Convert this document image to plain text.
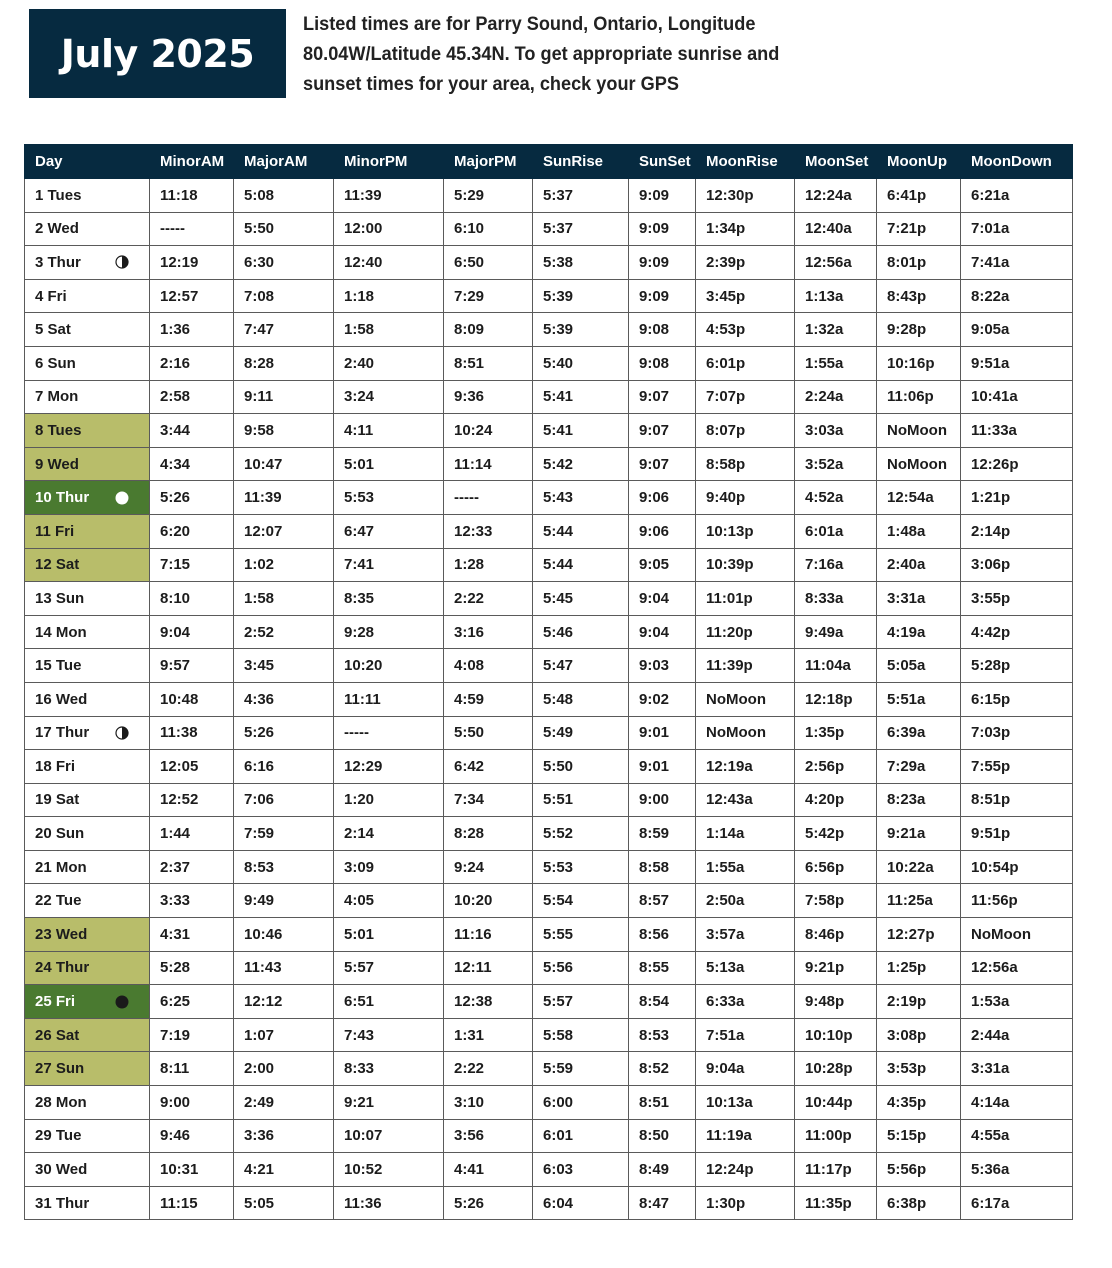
July 2025
Listed times are for Parry Sound, Ontario, Longitude
80.04W/Latitude 45.34N. To get appropriate sunrise and
sunset times for your area, check your GPS
Day	MinorAM	MajorAM	MinorPM	MajorPM	SunRise	SunSet	MoonRise	MoonSet	MoonUp	MoonDown
1 Tues	11:18	5:08	11:39	5:29	5:37	9:09	12:30p	12:24a	6:41p	6:21a
2 Wed	-----	5:50	12:00	6:10	5:37	9:09	1:34p	12:40a	7:21p	7:01a
3 Thur	12:19	6:30	12:40	6:50	5:38	9:09	2:39p	12:56a	8:01p	7:41a
4 Fri	12:57	7:08	1:18	7:29	5:39	9:09	3:45p	1:13a	8:43p	8:22a
5 Sat	1:36	7:47	1:58	8:09	5:39	9:08	4:53p	1:32a	9:28p	9:05a
6 Sun	2:16	8:28	2:40	8:51	5:40	9:08	6:01p	1:55a	10:16p	9:51a
7 Mon	2:58	9:11	3:24	9:36	5:41	9:07	7:07p	2:24a	11:06p	10:41a
8 Tues	3:44	9:58	4:11	10:24	5:41	9:07	8:07p	3:03a	NoMoon	11:33a
9 Wed	4:34	10:47	5:01	11:14	5:42	9:07	8:58p	3:52a	NoMoon	12:26p
10 Thur	5:26	11:39	5:53	-----	5:43	9:06	9:40p	4:52a	12:54a	1:21p
11 Fri	6:20	12:07	6:47	12:33	5:44	9:06	10:13p	6:01a	1:48a	2:14p
12 Sat	7:15	1:02	7:41	1:28	5:44	9:05	10:39p	7:16a	2:40a	3:06p
13 Sun	8:10	1:58	8:35	2:22	5:45	9:04	11:01p	8:33a	3:31a	3:55p
14 Mon	9:04	2:52	9:28	3:16	5:46	9:04	11:20p	9:49a	4:19a	4:42p
15 Tue	9:57	3:45	10:20	4:08	5:47	9:03	11:39p	11:04a	5:05a	5:28p
16 Wed	10:48	4:36	11:11	4:59	5:48	9:02	NoMoon	12:18p	5:51a	6:15p
17 Thur	11:38	5:26	-----	5:50	5:49	9:01	NoMoon	1:35p	6:39a	7:03p
18 Fri	12:05	6:16	12:29	6:42	5:50	9:01	12:19a	2:56p	7:29a	7:55p
19 Sat	12:52	7:06	1:20	7:34	5:51	9:00	12:43a	4:20p	8:23a	8:51p
20 Sun	1:44	7:59	2:14	8:28	5:52	8:59	1:14a	5:42p	9:21a	9:51p
21 Mon	2:37	8:53	3:09	9:24	5:53	8:58	1:55a	6:56p	10:22a	10:54p
22 Tue	3:33	9:49	4:05	10:20	5:54	8:57	2:50a	7:58p	11:25a	11:56p
23 Wed	4:31	10:46	5:01	11:16	5:55	8:56	3:57a	8:46p	12:27p	NoMoon
24 Thur	5:28	11:43	5:57	12:11	5:56	8:55	5:13a	9:21p	1:25p	12:56a
25 Fri	6:25	12:12	6:51	12:38	5:57	8:54	6:33a	9:48p	2:19p	1:53a
26 Sat	7:19	1:07	7:43	1:31	5:58	8:53	7:51a	10:10p	3:08p	2:44a
27 Sun	8:11	2:00	8:33	2:22	5:59	8:52	9:04a	10:28p	3:53p	3:31a
28 Mon	9:00	2:49	9:21	3:10	6:00	8:51	10:13a	10:44p	4:35p	4:14a
29 Tue	9:46	3:36	10:07	3:56	6:01	8:50	11:19a	11:00p	5:15p	4:55a
30 Wed	10:31	4:21	10:52	4:41	6:03	8:49	12:24p	11:17p	5:56p	5:36a
31 Thur	11:15	5:05	11:36	5:26	6:04	8:47	1:30p	11:35p	6:38p	6:17a
